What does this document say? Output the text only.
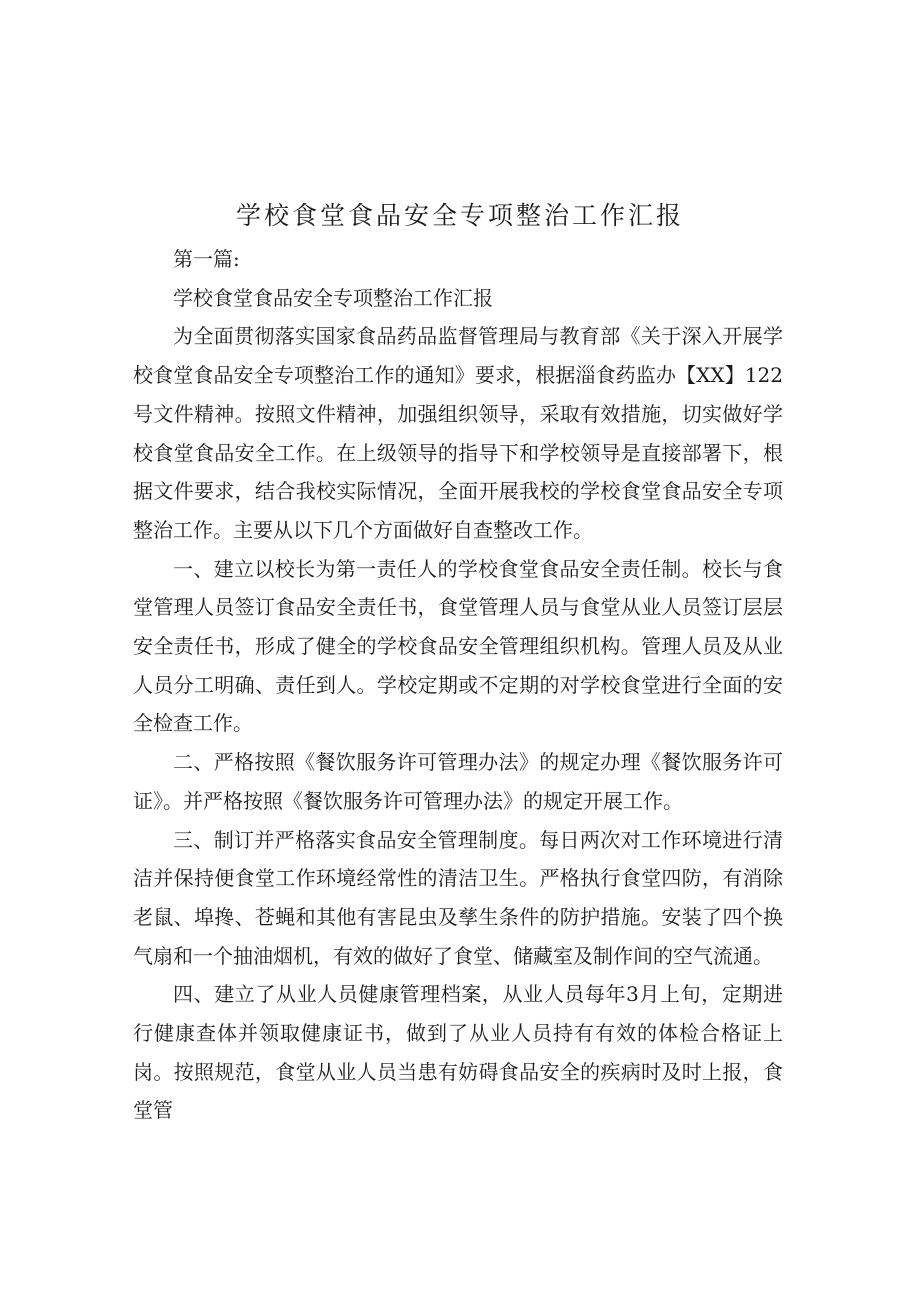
学校食堂食品安全专项整治工作汇报

第一篇:

学校食堂食品安全专项整治工作汇报

为全面贯彻落实国家食品药品监督管理局与教育部《关于深入开展学校食堂食品安全专项整治工作的通知》要求，根据淄食药监办【XX】122号文件精神。按照文件精神，加强组织领导，采取有效措施，切实做好学校食堂食品安全工作。在上级领导的指导下和学校领导是直接部署下，根据文件要求，结合我校实际情况，全面开展我校的学校食堂食品安全专项整治工作。主要从以下几个方面做好自查整改工作。

一、建立以校长为第一责任人的学校食堂食品安全责任制。校长与食堂管理人员签订食品安全责任书，食堂管理人员与食堂从业人员签订层层安全责任书，形成了健全的学校食品安全管理组织机构。管理人员及从业人员分工明确、责任到人。学校定期或不定期的对学校食堂进行全面的安全检查工作。

二、严格按照《餐饮服务许可管理办法》的规定办理《餐饮服务许可证》。并严格按照《餐饮服务许可管理办法》的规定开展工作。

三、制订并严格落实食品安全管理制度。每日两次对工作环境进行清洁并保持便食堂工作环境经常性的清洁卫生。严格执行食堂四防，有消除老鼠、埠搀、苍蝇和其他有害昆虫及孳生条件的防护措施。安装了四个换气扇和一个抽油烟机，有效的做好了食堂、储藏室及制作间的空气流通。

四、建立了从业人员健康管理档案，从业人员每年3月上旬，定期进行健康查体并领取健康证书，做到了从业人员持有有效的体检合格证上岗。按照规范，食堂从业人员当患有妨碍食品安全的疾病时及时上报，食堂管
